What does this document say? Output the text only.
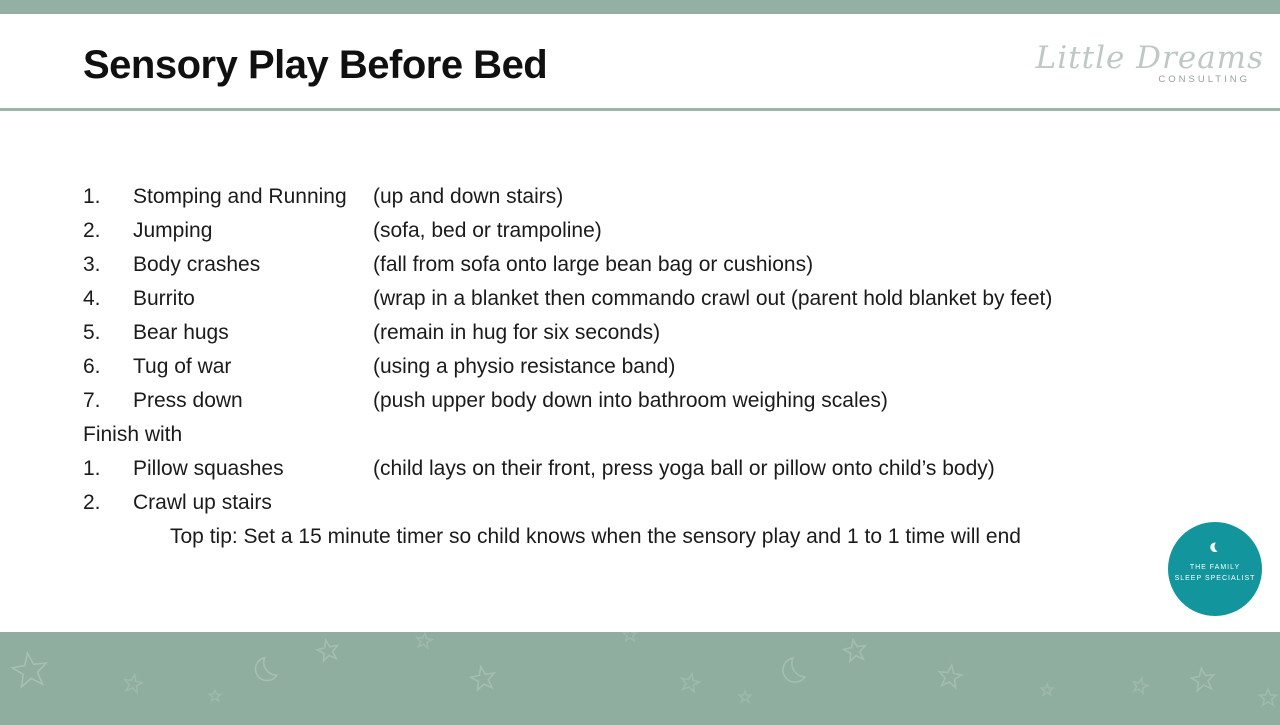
Sensory Play Before Bed	Little Dreams
CONSULTING
1.	Stomping and Running	(up and down stairs)
2.	Jumping	(sofa, bed or trampoline)
3.	Body crashes	(fall from sofa onto large bean bag or cushions)
4.	Burrito	(wrap in a blanket then commando crawl out (parent hold blanket by feet)
5.	Bear hugs	(remain in hug for six seconds)
6.	Tug of war	(using a physio resistance band)
7.	Press down	(push upper body down into bathroom weighing scales)
Finish with
1.	Pillow squashes	(child lays on their front, press yoga ball or pillow onto child’s body)
2.	Crawl up stairs
Top tip: Set a 15 minute timer so child knows when the sensory play and 1 to 1 time will end
THE FAMILY
SLEEP SPECIALIST
